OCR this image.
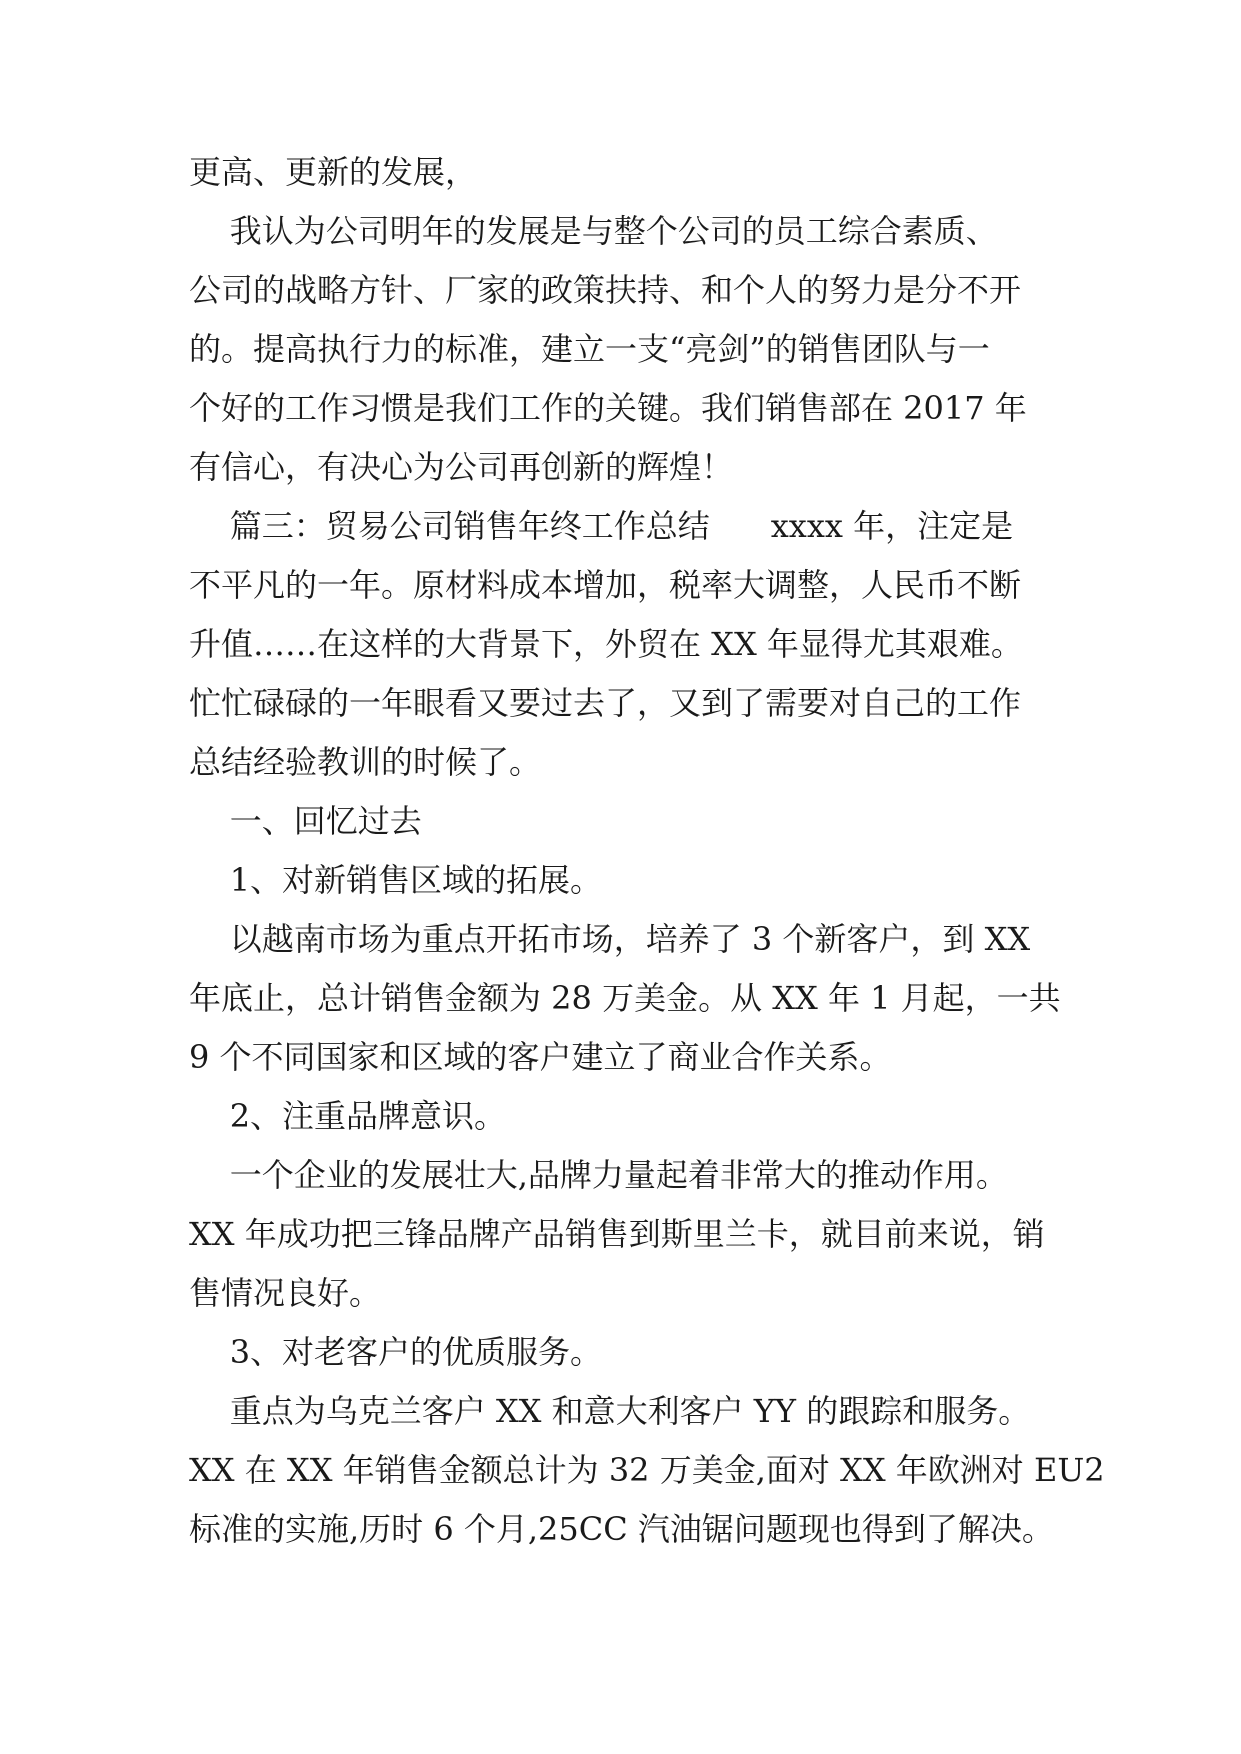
更高、更新的发展，
我认为公司明年的发展是与整个公司的员工综合素质、
公司的战略方针、厂家的政策扶持、和个人的努力是分不开
的。提高执行力的标准，建立一支“亮剑”的销售团队与一
个好的工作习惯是我们工作的关键。我们销售部在 2017 年
有信心，有决心为公司再创新的辉煌！
篇三：贸易公司销售年终工作总结      xxxx 年，注定是
不平凡的一年。原材料成本增加，税率大调整，人民币不断
升值……在这样的大背景下，外贸在 XX 年显得尤其艰难。
忙忙碌碌的一年眼看又要过去了，又到了需要对自己的工作
总结经验教训的时候了。
一、回忆过去
1、对新销售区域的拓展。
以越南市场为重点开拓市场，培养了 3 个新客户，到 XX
年底止，总计销售金额为 28 万美金。从 XX 年 1 月起，一共
9 个不同国家和区域的客户建立了商业合作关系。
2、注重品牌意识。
一个企业的发展壮大,品牌力量起着非常大的推动作用。
XX 年成功把三锋品牌产品销售到斯里兰卡，就目前来说，销
售情况良好。
3、对老客户的优质服务。
重点为乌克兰客户 XX 和意大利客户 YY 的跟踪和服务。
XX 在 XX 年销售金额总计为 32 万美金,面对 XX 年欧洲对 EU2
标准的实施,历时 6 个月,25CC 汽油锯问题现也得到了解决。
